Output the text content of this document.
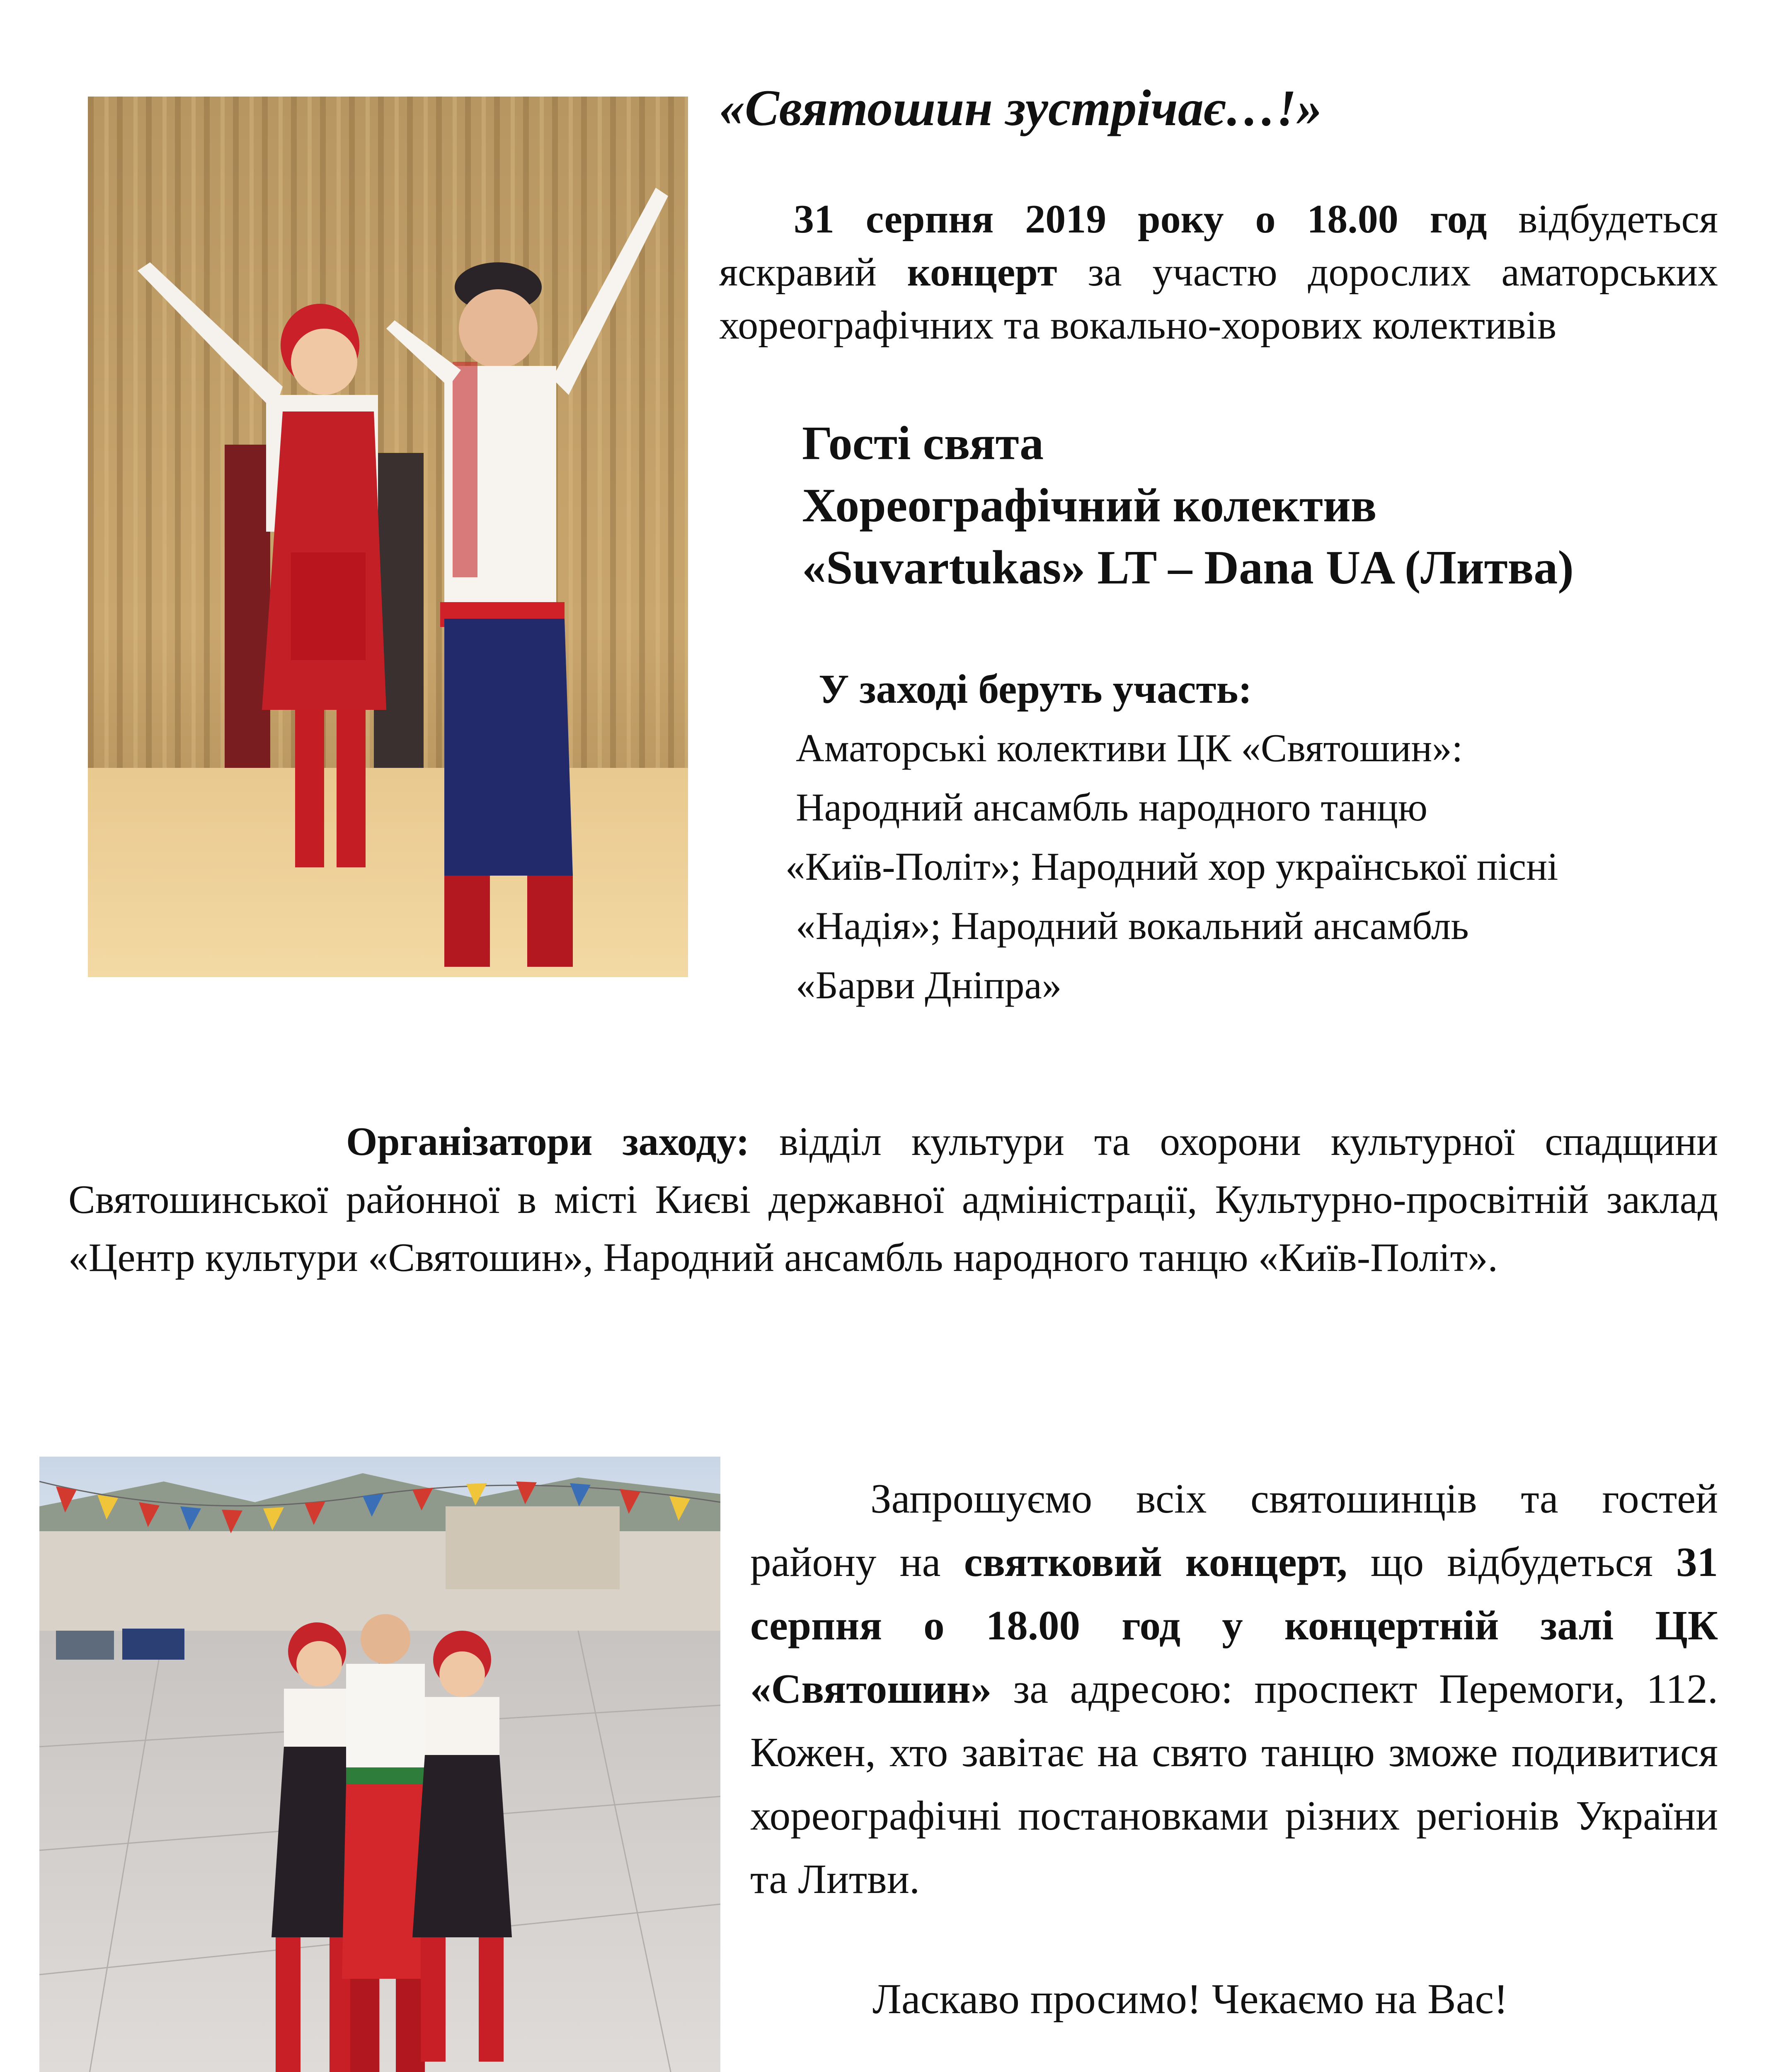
«Святошин зустрічає…!»
31 серпня 2019 року о 18.00 год відбудеться яскравий концерт за участю дорослих аматорських хореографічних та вокально-хорових колективів
Гості свята
Хореографічний колектив
«Suvartukas» LT – Dana UA (Литва)
У заході беруть участь:
Аматорські колективи ЦК «Святошин»:
Народний ансамбль народного танцю
«Київ-Політ»; Народний хор української пісні
«Надія»; Народний вокальний ансамбль
«Барви Дніпра»
Організатори заходу: відділ культури та охорони культурної спадщини Святошинської районної в місті Києві державної адміністрації, Культурно-просвітній заклад «Центр культури «Святошин», Народний ансамбль народного танцю «Київ-Політ».
Запрошуємо всіх святошинців та гостей району на святковий концерт, що відбудеться 31 серпня о 18.00 год у концертній залі ЦК «Святошин» за адресою: проспект Перемоги, 112. Кожен, хто завітає на свято танцю зможе подивитися хореографічні постановками різних регіонів України та Литви.
Ласкаво просимо! Чекаємо на Вас!
